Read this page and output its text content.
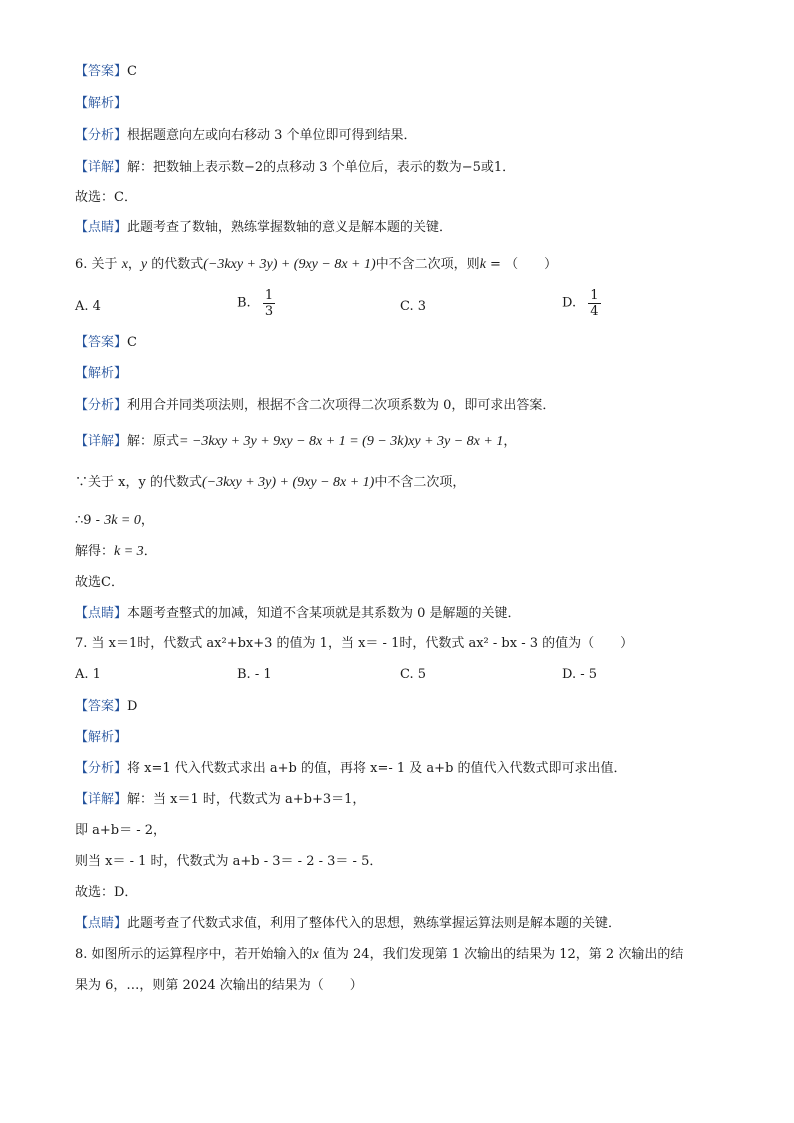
【答案】C
【解析】
【分析】根据题意向左或向右移动 3 个单位即可得到结果．
【详解】解：把数轴上表示数−2的点移动 3 个单位后，表示的数为−5或1．
故选：C．
【点睛】此题考查了数轴，熟练掌握数轴的意义是解本题的关键．
6. 关于 x，y 的代数式(−3kxy + 3y) + (9xy − 8x + 1)中不含二次项，则k = （　　）
A. 4	B. $\frac{1}{3}$	C. 3	D. $\frac{1}{4}$
【答案】C
【解析】
【分析】利用合并同类项法则，根据不含二次项得二次项系数为 0，即可求出答案．
【详解】解：原式= −3kxy + 3y + 9xy − 8x + 1 = (9 − 3k)xy + 3y − 8x + 1，
∵关于 x，y 的代数式(−3kxy + 3y) + (9xy − 8x + 1)中不含二次项，
∴9 - 3k = 0，
解得：k = 3．
故选C．
【点睛】本题考查整式的加减，知道不含某项就是其系数为 0 是解题的关键．
7. 当 x＝1时，代数式 ax²+bx+3 的值为 1，当 x＝ - 1时，代数式 ax² - bx - 3 的值为（　　）
A. 1	B. - 1	C. 5	D. - 5
【答案】D
【解析】
【分析】将 x=1 代入代数式求出 a+b 的值，再将 x=- 1 及 a+b 的值代入代数式即可求出值．
【详解】解：当 x＝1 时，代数式为 a+b+3＝1，
即 a+b＝ - 2，
则当 x＝ - 1 时，代数式为 a+b - 3＝ - 2 - 3＝ - 5．
故选：D．
【点睛】此题考查了代数式求值，利用了整体代入的思想，熟练掌握运算法则是解本题的关键．
8. 如图所示的运算程序中，若开始输入的x 值为 24，我们发现第 1 次输出的结果为 12，第 2 次输出的结
果为 6，…，则第 2024 次输出的结果为（　　）
